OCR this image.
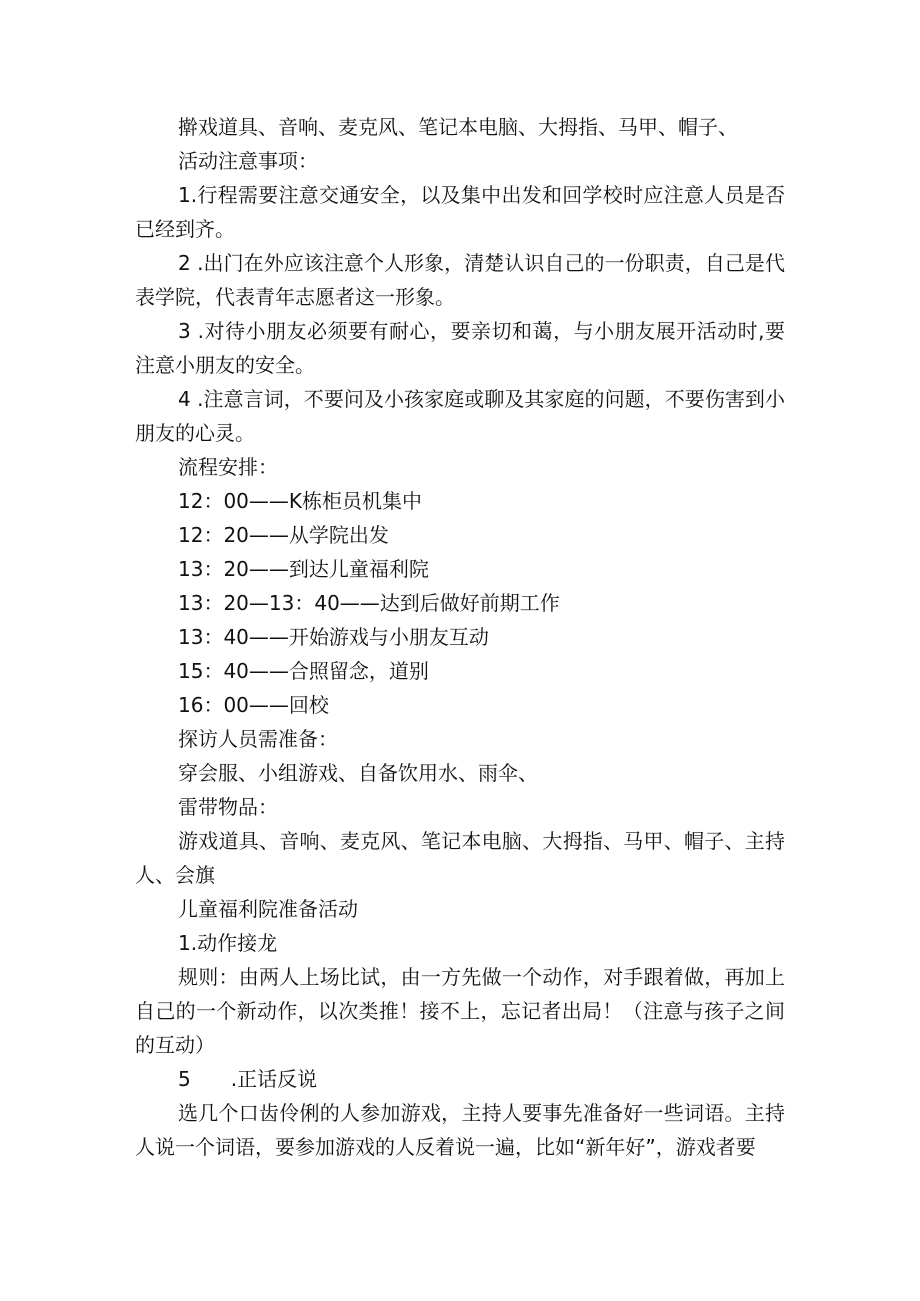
擀戏道具、音响、麦克风、笔记本电脑、大拇指、马甲、帽子、

活动注意事项：

1.行程需要注意交通安全，以及集中出发和回学校时应注意人员是否已经到齐。

2 .出门在外应该注意个人形象，清楚认识自己的一份职责，自己是代表学院，代表青年志愿者这一形象。

3 .对待小朋友必须要有耐心，要亲切和蔼，与小朋友展开活动时,要注意小朋友的安全。

4 .注意言词，不要问及小孩家庭或聊及其家庭的问题，不要伤害到小朋友的心灵。

流程安排：

12：00——K栋柜员机集中

12：20——从学院出发

13：20——到达儿童福利院

13：20—13：40——达到后做好前期工作

13：40——开始游戏与小朋友互动

15：40——合照留念，道别

16：00——回校

探访人员需准备：

穿会服、小组游戏、自备饮用水、雨伞、

雷带物品：

游戏道具、音响、麦克风、笔记本电脑、大拇指、马甲、帽子、主持人、会旗

儿童福利院准备活动

1.动作接龙

规则：由两人上场比试，由一方先做一个动作，对手跟着做，再加上自己的一个新动作，以次类推！接不上，忘记者出局！（注意与孩子之间的互动）

5　　.正话反说

选几个口齿伶俐的人参加游戏，主持人要事先准备好一些词语。主持人说一个词语，要参加游戏的人反着说一遍，比如“新年好”，游戏者要
